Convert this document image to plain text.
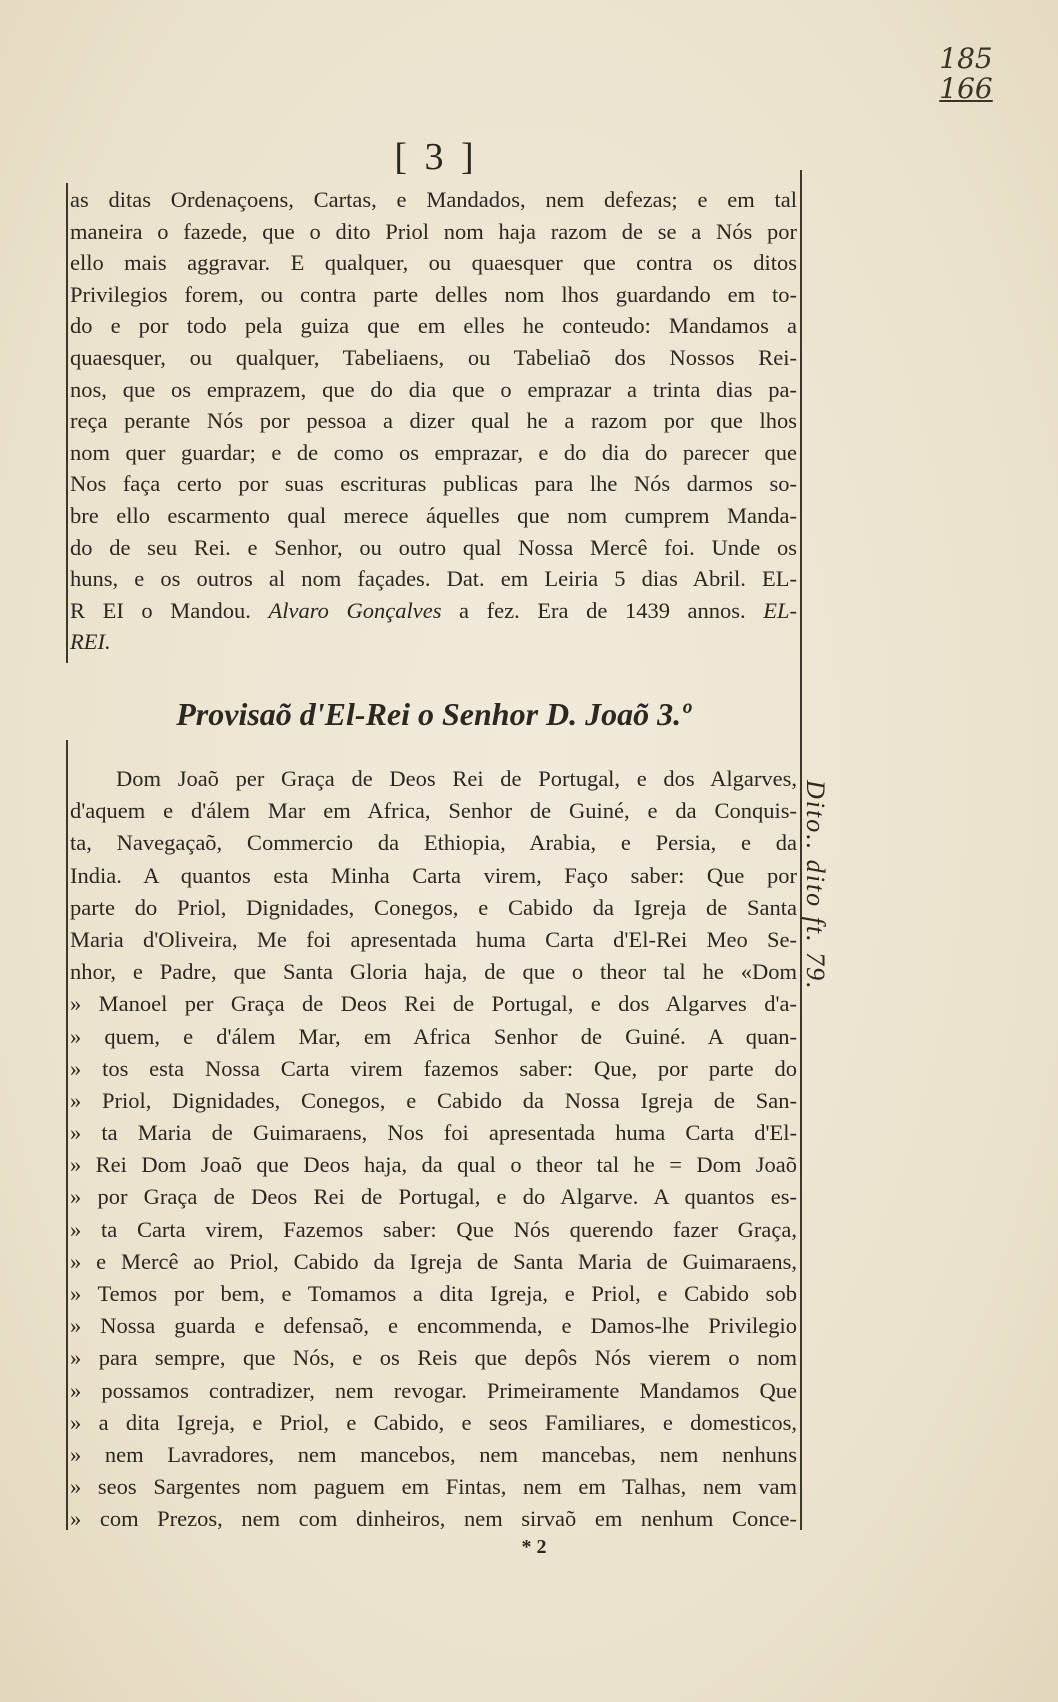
185
166
[ 3 ]
as ditas Ordenaçoens, Cartas, e Mandados, nem defezas; e em tal
maneira o fazede, que o dito Priol nom haja razom de se a Nós por
ello mais aggravar. E qualquer, ou quaesquer que contra os ditos
Privilegios forem, ou contra parte delles nom lhos guardando em to-
do e por todo pela guiza que em elles he conteudo: Mandamos a
quaesquer, ou qualquer, Tabeliaens, ou Tabeliaõ dos Nossos Rei-
nos, que os emprazem, que do dia que o emprazar a trinta dias pa-
reça perante Nós por pessoa a dizer qual he a razom por que lhos
nom quer guardar; e de como os emprazar, e do dia do parecer que
Nos faça certo por suas escrituras publicas para lhe Nós darmos so-
bre ello escarmento qual merece áquelles que nom cumprem Manda-
do de seu Rei. e Senhor, ou outro qual Nossa Mercê foi. Unde os
huns, e os outros al nom façades. Dat. em Leiria 5 dias Abril. EL-
R EI o Mandou. Alvaro Gonçalves a fez. Era de 1439 annos. EL-
REI.
Provisaõ d'El-Rei o Senhor D. Joaõ 3.º
Dom Joaõ per Graça de Deos Rei de Portugal, e dos Algarves,
d'aquem e d'álem Mar em Africa, Senhor de Guiné, e da Conquis-
ta, Navegaçaõ, Commercio da Ethiopia, Arabia, e Persia, e da
India. A quantos esta Minha Carta virem, Faço saber: Que por
parte do Priol, Dignidades, Conegos, e Cabido da Igreja de Santa
Maria d'Oliveira, Me foi apresentada huma Carta d'El-Rei Meo Se-
nhor, e Padre, que Santa Gloria haja, de que o theor tal he «Dom
» Manoel per Graça de Deos Rei de Portugal, e dos Algarves d'a-
» quem, e d'álem Mar, em Africa Senhor de Guiné. A quan-
» tos esta Nossa Carta virem fazemos saber: Que, por parte do
» Priol, Dignidades, Conegos, e Cabido da Nossa Igreja de San-
» ta Maria de Guimaraens, Nos foi apresentada huma Carta d'El-
» Rei Dom Joaõ que Deos haja, da qual o theor tal he = Dom Joaõ
» por Graça de Deos Rei de Portugal, e do Algarve. A quantos es-
» ta Carta virem, Fazemos saber: Que Nós querendo fazer Graça,
» e Mercê ao Priol, Cabido da Igreja de Santa Maria de Guimaraens,
» Temos por bem, e Tomamos a dita Igreja, e Priol, e Cabido sob
» Nossa guarda e defensaõ, e encommenda, e Damos-lhe Privilegio
» para sempre, que Nós, e os Reis que depôs Nós vierem o nom
» possamos contradizer, nem revogar. Primeiramente Mandamos Que
» a dita Igreja, e Priol, e Cabido, e seos Familiares, e domesticos,
» nem Lavradores, nem mancebos, nem mancebas, nem nenhuns
» seos Sargentes nom paguem em Fintas, nem em Talhas, nem vam
» com Prezos, nem com dinheiros, nem sirvaõ em nenhum Conce-
Dito.. dito ft. 79.
* 2
